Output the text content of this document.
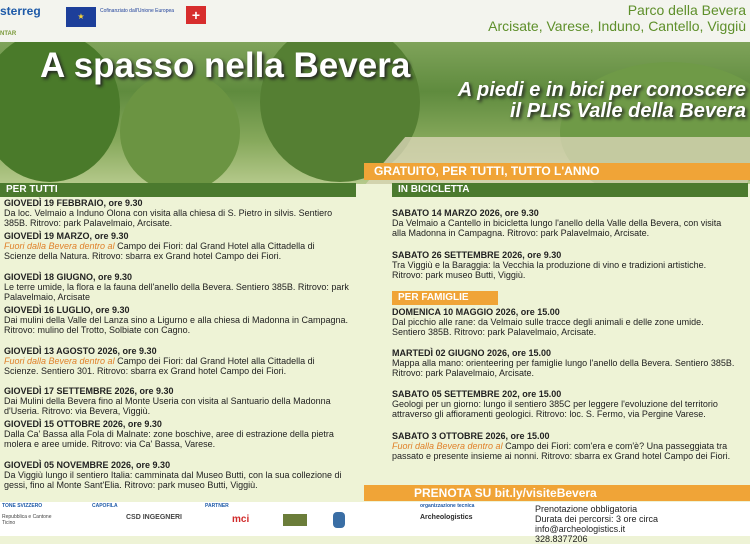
sterreg
	★
Cofinanziato dall'Unione Europea	+
NTAR
Parco della Bevera
Arcisate, Varese, Induno, Cantello, Viggiù
A spasso nella Bevera
A piedi e in bici per conoscere
il PLIS Valle della Bevera
GRATUITO, PER TUTTI, TUTTO L'ANNO
PER TUTTI	IN BICICLETTA
PER FAMIGLIE
GIOVEDÌ 19 FEBBRAIO, ore 9.30
Da loc. Velmaio a Induno Olona con visita alla chiesa di S. Pietro in silvis. Sentiero 385B. Ritrovo: park Palavelmaio, Arcisate.
GIOVEDÌ 19 MARZO, ore 9.30
Fuori dalla Bevera dentro al Campo dei Fiori: dal Grand Hotel alla Cittadella di Scienze della Natura. Ritrovo: sbarra ex Grand hotel Campo dei Fiori.
GIOVEDÌ 18 GIUGNO, ore 9.30
Le terre umide, la flora e la fauna dell'anello della Bevera. Sentiero 385B. Ritrovo: park Palavelmaio, Arcisate
GIOVEDÌ 16 LUGLIO, ore 9.30
Dai mulini della Valle del Lanza sino a Ligurno e alla chiesa di Madonna in Campagna. Ritrovo: mulino del Trotto, Solbiate con Cagno.
GIOVEDÌ 13 AGOSTO 2026, ore 9.30
Fuori dalla Bevera dentro al Campo dei Fiori: dal Grand Hotel alla Cittadella di Scienze. Sentiero 301. Ritrovo: sbarra ex Grand hotel Campo dei Fiori.
GIOVEDÌ 17 SETTEMBRE 2026, ore 9.30
Dai Mulini della Bevera fino al Monte Useria con visita al Santuario della Madonna d'Useria. Ritrovo: via Bevera, Viggiù.
GIOVEDÌ 15 OTTOBRE 2026, ore 9.30
Dalla Ca' Bassa alla Fola di Malnate: zone boschive, aree di estrazione della pietra molera e aree umide. Ritrovo: via Ca' Bassa, Varese.
GIOVEDÌ 05 NOVEMBRE 2026, ore 9.30
Da Viggiù lungo il sentiero Italia: camminata dal Museo Butti, con la sua collezione di gessi, fino al Monte Sant'Elia. Ritrovo: park museo Butti, Viggiù.
SABATO 14 MARZO 2026, ore 9.30
Da Velmaio a Cantello in bicicletta lungo l'anello della Valle della Bevera, con visita alla Madonna in Campagna. Ritrovo: park Palavelmaio, Arcisate.
SABATO 26 SETTEMBRE 2026, ore 9.30
Tra Viggiù e la Baraggia: la Vecchia la produzione di vino e tradizioni artistiche. Ritrovo: park museo Butti, Viggiù.
DOMENICA 10 MAGGIO 2026, ore 15.00
Dal picchio alle rane: da Velmaio sulle tracce degli animali e delle zone umide. Sentiero 385B. Ritrovo: park Palavelmaio, Arcisate.
MARTEDÌ 02 GIUGNO 2026, ore 15.00
Mappa alla mano: orienteering per famiglie lungo l'anello della Bevera. Sentiero 385B. Ritrovo: park Palavelmaio, Arcisate.
SABATO 05 SETTEMBRE 202, ore 15.00
Geologi per un giorno: lungo il sentiero 385C per leggere l'evoluzione del territorio attraverso gli affioramenti geologici. Ritrovo: loc. S. Fermo, via Pergine Varese.
SABATO 3 OTTOBRE 2026, ore 15.00
Fuori dalla Bevera dentro al Campo dei Fiori: com'era e com'è? Una passeggiata tra passato e presente insieme ai nonni. Ritrovo: sbarra ex Grand hotel Campo dei Fiori.
PRENOTA SU bit.ly/visiteBevera
TONE SVIZZERO	CAPOFILA	PARTNER	organizzazione tecnica
Repubblica e Cantone Ticino
CSD INGEGNERI	mci	Archeologistics
Prenotazione obbligatoria
Durata dei percorsi: 3 ore circa
info@archeologistics.it
328.8377206
